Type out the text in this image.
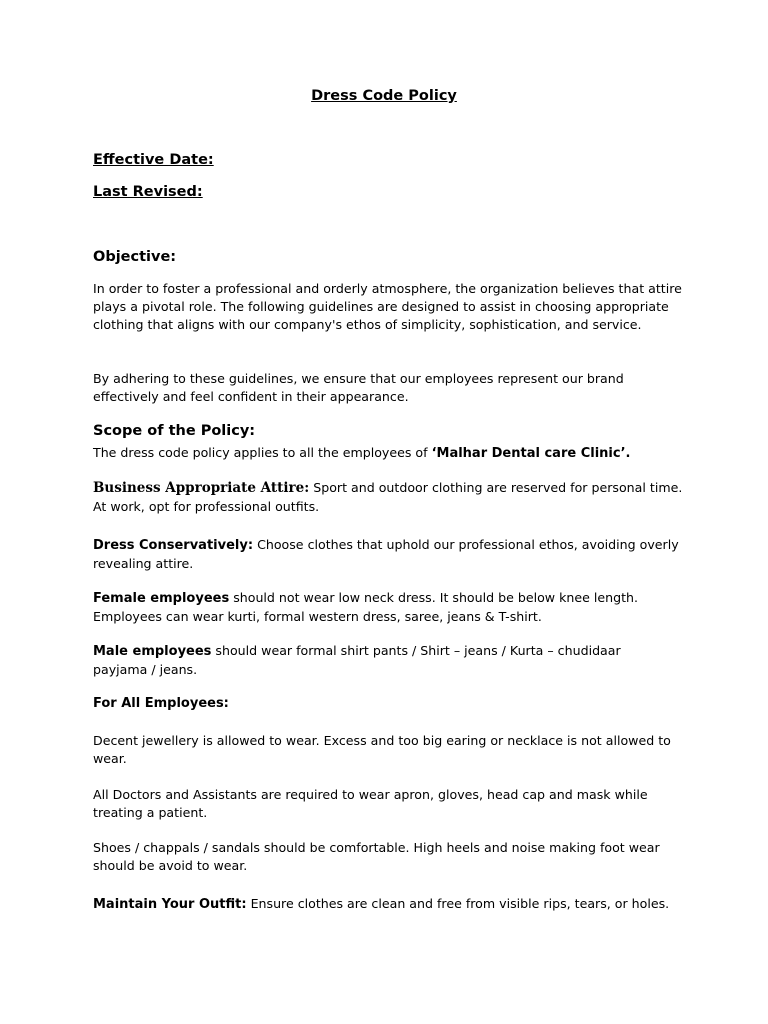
Dress Code Policy
Effective Date:
Last Revised:
Objective:
In order to foster a professional and orderly atmosphere, the organization believes that attire plays a pivotal role. The following guidelines are designed to assist in choosing appropriate clothing that aligns with our company's ethos of simplicity, sophistication, and service.
By adhering to these guidelines, we ensure that our employees represent our brand effectively and feel confident in their appearance.
Scope of the Policy:
The dress code policy applies to all the employees of ‘Malhar Dental care Clinic’.
Business Appropriate Attire: Sport and outdoor clothing are reserved for personal time. At work, opt for professional outfits.
Dress Conservatively: Choose clothes that uphold our professional ethos, avoiding overly revealing attire.
Female employees should not wear low neck dress. It should be below knee length. Employees can wear kurti, formal western dress, saree, jeans & T-shirt.
Male employees should wear formal shirt pants / Shirt – jeans / Kurta – chudidaar payjama / jeans.
For All Employees:
Decent jewellery is allowed to wear. Excess and too big earing or necklace is not allowed to wear.
All Doctors and Assistants are required to wear apron, gloves, head cap and mask while treating a patient.
Shoes / chappals / sandals should be comfortable. High heels and noise making foot wear should be avoid to wear.
Maintain Your Outfit: Ensure clothes are clean and free from visible rips, tears, or holes.
